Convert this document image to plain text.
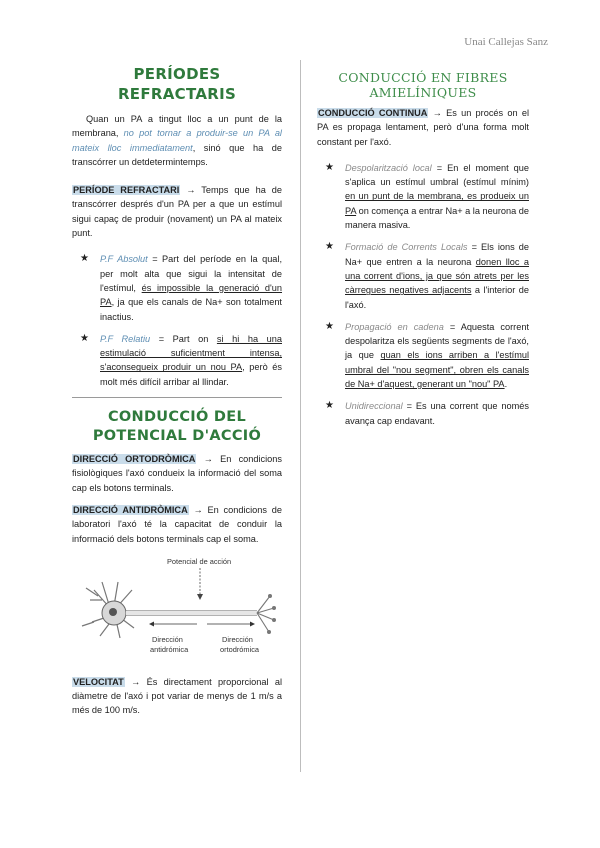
Unai Callejas Sanz
PERÍODES REFRACTARIS

Quan un PA a tingut lloc a un punt de la membrana, no pot tornar a produir-se un PA al mateix lloc immediatament, sinó que ha de transcórrer un detdetermintemps.

PERÍODE REFRACTARI → Temps que ha de transcórrer després d'un PA per a que un estímul sigui capaç de produir (novament) un PA al mateix punt.

★ P.F Absolut = Part del període en la qual, per molt alta que sigui la intensitat de l'estímul, és impossible la generació d'un PA, ja que els canals de Na+ son totalment inactius.

★ P.F Relatiu = Part on si hi ha una estimulació suficientment intensa, s'aconsegueix produir un nou PA, però és molt més difícil arribar al llindar.

CONDUCCIÓ DEL
POTENCIAL D'ACCIÓ

DIRECCIÓ ORTODRÒMICA → En condicions fisiològiques l'axó condueix la informació del soma cap els botons terminals.

DIRECCIÓ ANTIDRÒMICA → En condicions de laboratori l'axó té la capacitat de conduir la informació dels botons terminals cap el soma.

Potencial de acción
Dirección
antidrómica
Dirección
ortodrómica

VELOCITAT → És directament proporcional al diàmetre de l'axó i pot variar de menys de 1 m/s a més de 100 m/s.

CONDUCCIÓ EN FIBRES
AMIELÍNIQUES

CONDUCCIÓ CONTINUA → Es un procés on el PA es propaga lentament, però d'una forma molt constant per l'axó.

★ Despolarització local = En el moment que s'aplica un estímul umbral (estímul mínim) en un punt de la membrana, es produeix un PA on comença a entrar Na+ a la neurona de manera masiva.

★ Formació de Corrents Locals = Els ions de Na+ que entren a la neurona donen lloc a una corrent d'ions, ja que són atrets per les càrregues negatives adjacents a l'interior de l'axó.

★ Propagació en cadena = Aquesta corrent despolaritza els següents segments de l'axó, ja que quan els ions arriben a l'estímul umbral del "nou segment", obren els canals de Na+ d'aquest, generant un "nou" PA.

★ Unidireccional = Es una corrent que només avança cap endavant.
